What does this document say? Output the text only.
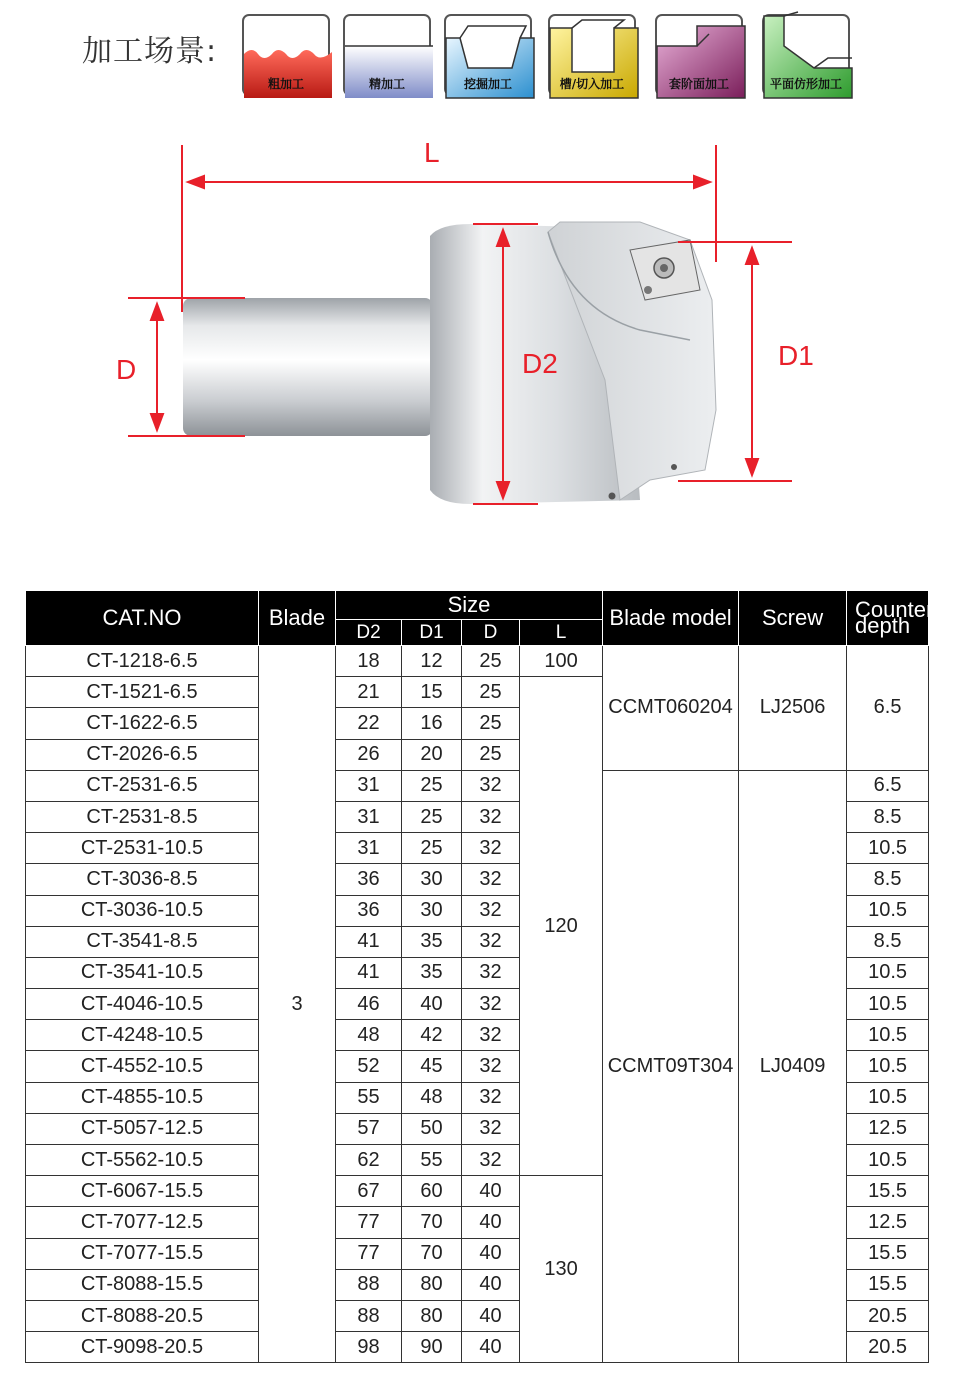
加工场景:
粗加工	精加工	挖掘加工	槽/切入加工	套阶面加工	平面仿形加工
L
D	D2	D1
CAT.NO	Blade	Size				Blade model	Screw	Counterbore depth
		D2	D1	D	L			
CT-1218-6.5	3	18	12	25	100	CCMT060204	LJ2506	6.5
CT-1521-6.5		21	15	25	120			
CT-1622-6.5		22	16	25				
CT-2026-6.5		26	20	25				
CT-2531-6.5		31	25	32		CCMT09T304	LJ0409	6.5
CT-2531-8.5		31	25	32				8.5
CT-2531-10.5		31	25	32				10.5
CT-3036-8.5		36	30	32				8.5
CT-3036-10.5		36	30	32				10.5
CT-3541-8.5		41	35	32				8.5
CT-3541-10.5		41	35	32				10.5
CT-4046-10.5		46	40	32				10.5
CT-4248-10.5		48	42	32				10.5
CT-4552-10.5		52	45	32				10.5
CT-4855-10.5		55	48	32				10.5
CT-5057-12.5		57	50	32				12.5
CT-5562-10.5		62	55	32				10.5
CT-6067-15.5		67	60	40	130			15.5
CT-7077-12.5		77	70	40				12.5
CT-7077-15.5		77	70	40				15.5
CT-8088-15.5		88	80	40				15.5
CT-8088-20.5		88	80	40				20.5
CT-9098-20.5		98	90	40				20.5
